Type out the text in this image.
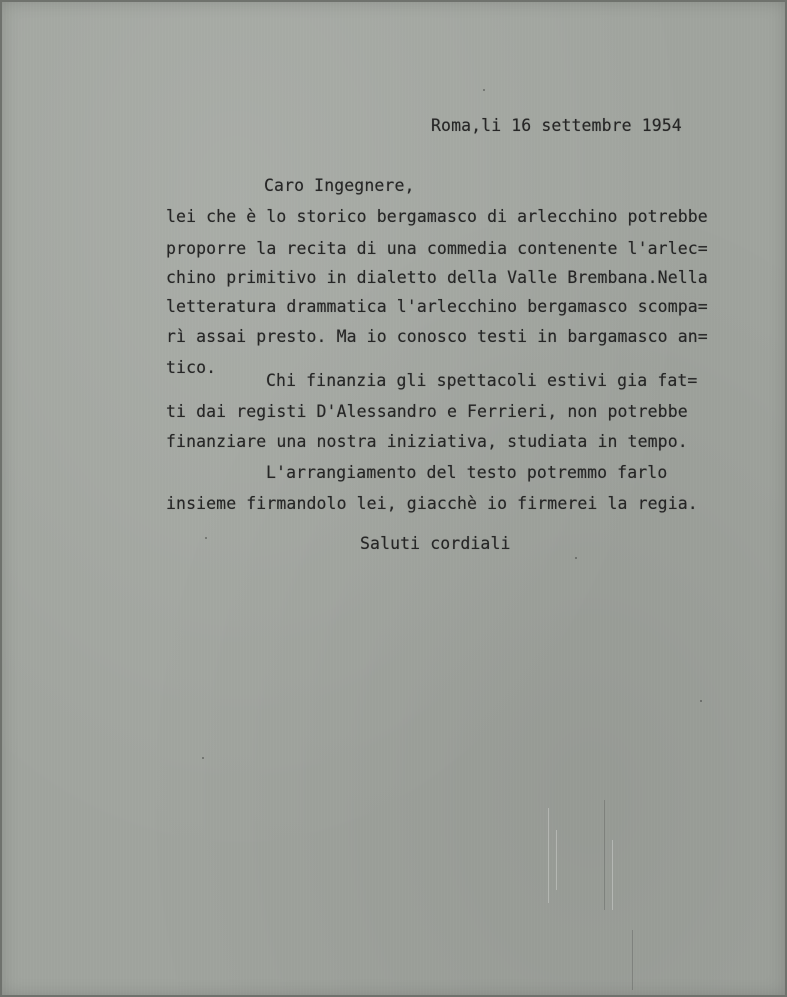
Roma,li 16 settembre 1954

Caro Ingegnere,

lei che è lo storico bergamasco di arlecchino potrebbe

proporre la recita di una commedia contenente l'arlec=

chino primitivo in dialetto della Valle Brembana.Nella

letteratura drammatica l'arlecchino bergamasco scompa=

rì assai presto. Ma io conosco testi in bargamasco an=

tico.

Chi finanzia gli spettacoli estivi gia fat=

ti dai registi D'Alessandro e Ferrieri, non potrebbe

finanziare una nostra iniziativa, studiata in tempo.

L'arrangiamento del testo potremmo farlo

insieme firmandolo lei, giacchè io firmerei la regia.

Saluti cordiali
